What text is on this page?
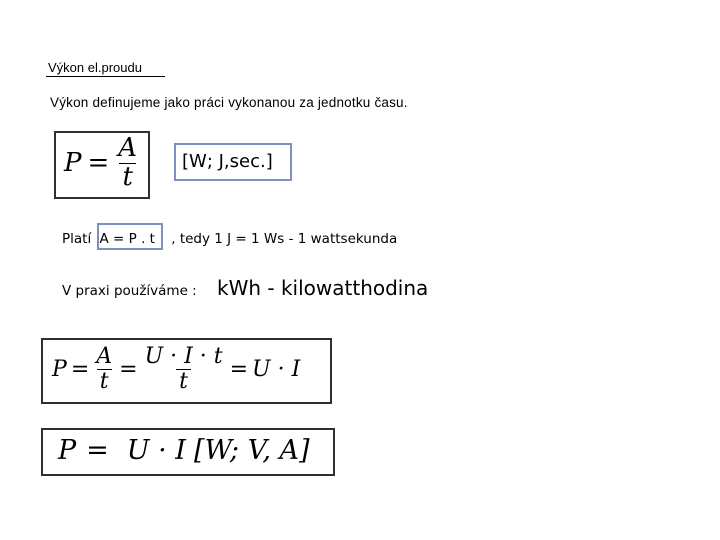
Výkon el.proudu
Výkon definujeme jako práci vykonanou za jednotku času.
$P = \frac{A}{t}$	[W; J,sec.]
Platí A = P . t , tedy 1 J = 1 Ws - 1 wattsekunda
V praxi používáme : kWh - kilowatthodina
$P = \frac{A}{t} = \frac{U \cdot I \cdot t}{t} = U \cdot I$
P = U · I [W; V, A]
